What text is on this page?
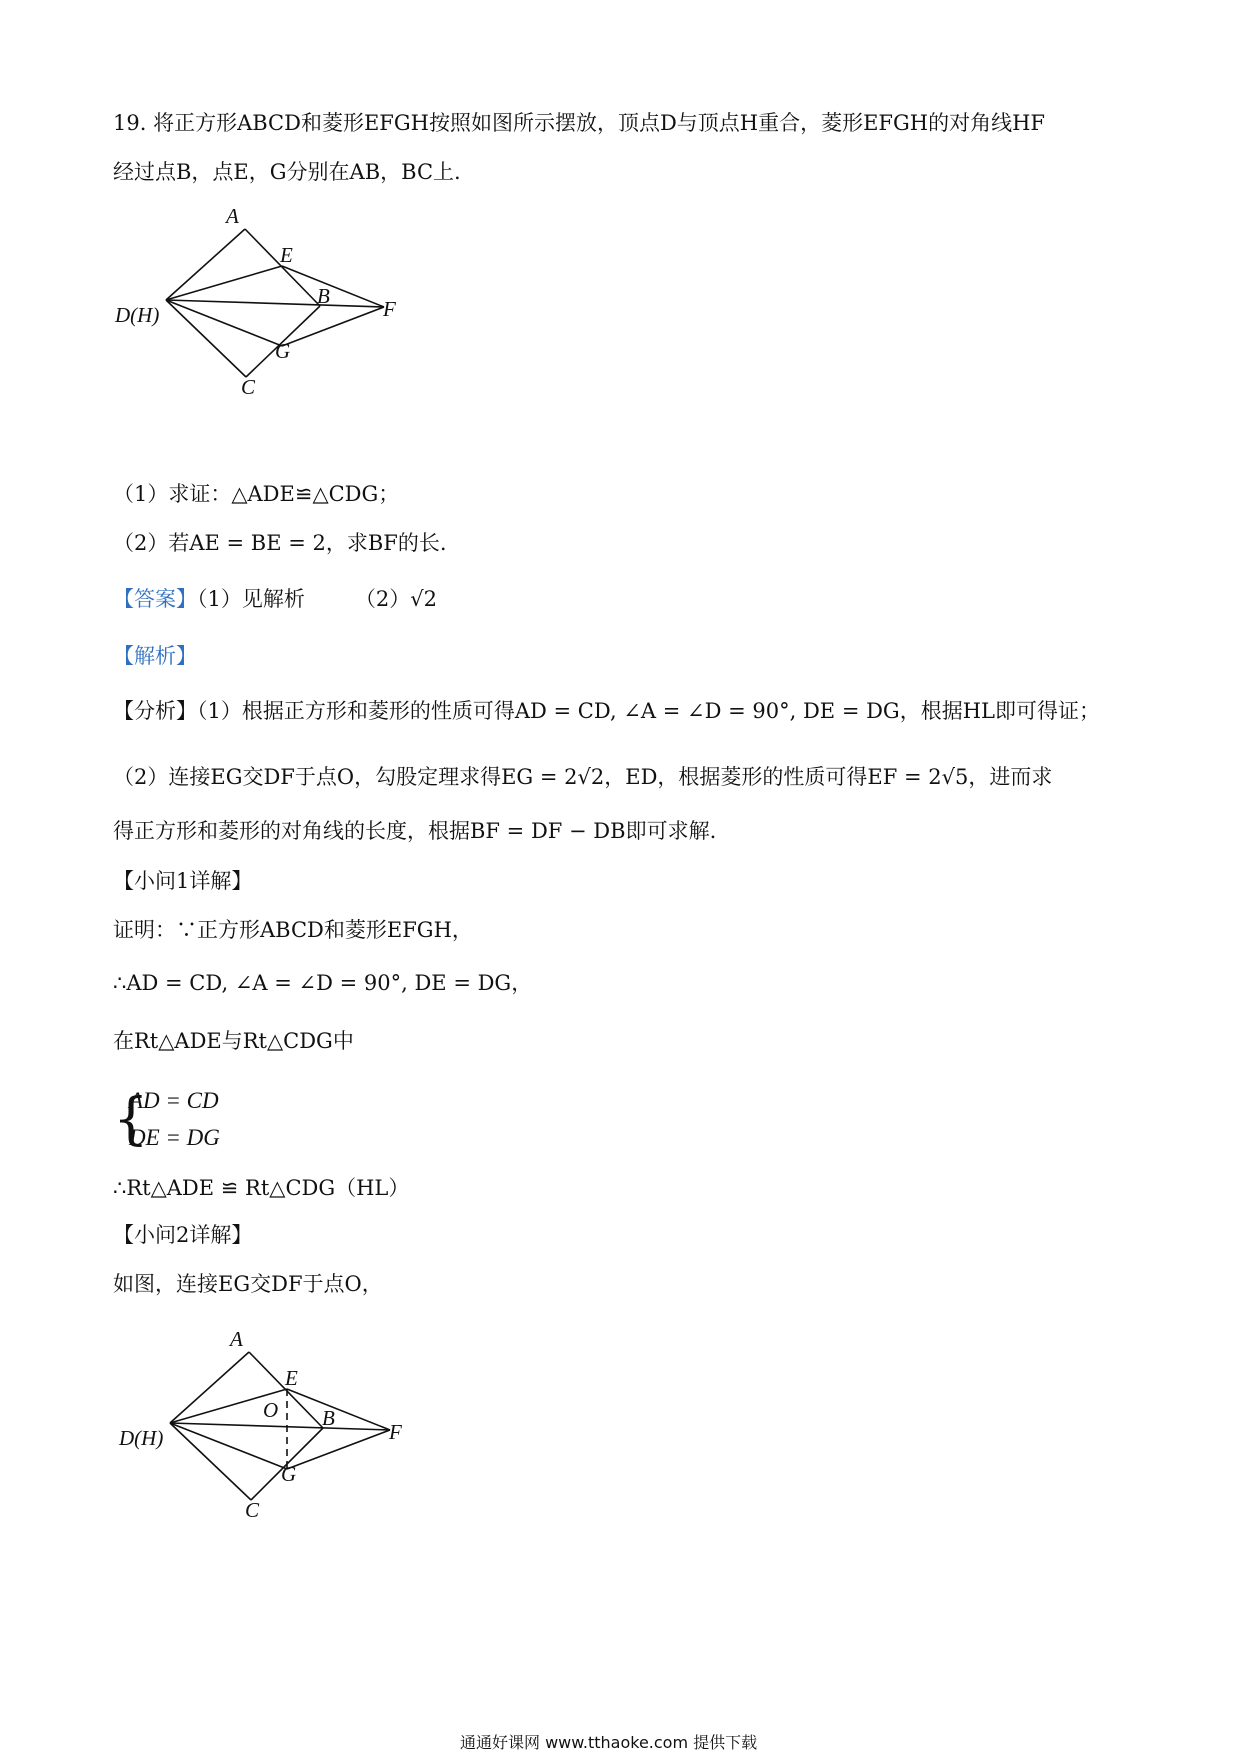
19. 将正方形ABCD和菱形EFGH按照如图所示摆放，顶点D与顶点H重合，菱形EFGH的对角线HF
经过点B，点E，G分别在AB，BC上.
A
E
B
F
D(H)
G
C
（1）求证：△ADE≌△CDG；
（2）若AE = BE = 2，求BF的长.
【答案】（1）见解析 （2）√2
【解析】
【分析】（1）根据正方形和菱形的性质可得AD = CD, ∠A = ∠D = 90°, DE = DG，根据HL即可得证；
（2）连接EG交DF于点O，勾股定理求得EG = 2√2，ED，根据菱形的性质可得EF = 2√5，进而求
得正方形和菱形的对角线的长度，根据BF = DF − DB即可求解.
【小问1详解】
证明：∵正方形ABCD和菱形EFGH，
∴AD = CD, ∠A = ∠D = 90°, DE = DG，
在Rt△ADE与Rt△CDG中
{
AD = CD
DE = DG
∴Rt△ADE ≌ Rt△CDG（HL）
【小问2详解】
如图，连接EG交DF于点O，
A
E
O B
F
D(H)
G
C
通通好课网 www.tthaoke.com 提供下载
